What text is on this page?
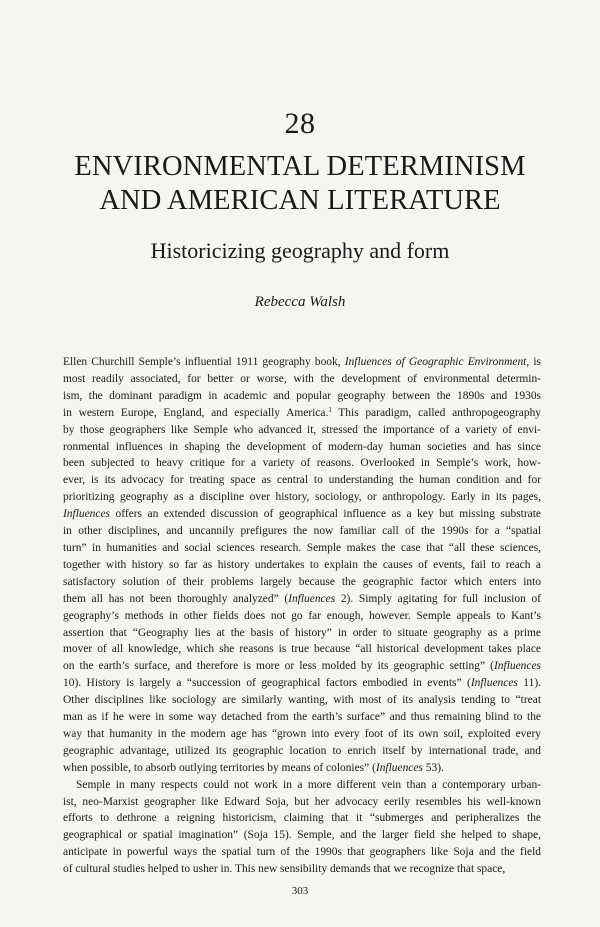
28
ENVIRONMENTAL DETERMINISM
AND AMERICAN LITERATURE
Historicizing geography and form
Rebecca Walsh

Ellen Churchill Semple’s influential 1911 geography book, Influences of Geographic Environment, is
most readily associated, for better or worse, with the development of environmental determin-
ism, the dominant paradigm in academic and popular geography between the 1890s and 1930s
in western Europe, England, and especially America.$^1$ This paradigm, called anthropogeography
by those geographers like Semple who advanced it, stressed the importance of a variety of envi-
ronmental influences in shaping the development of modern-day human societies and has since
been subjected to heavy critique for a variety of reasons. Overlooked in Semple’s work, how-
ever, is its advocacy for treating space as central to understanding the human condition and for
prioritizing geography as a discipline over history, sociology, or anthropology. Early in its pages,
Influences offers an extended discussion of geographical influence as a key but missing substrate
in other disciplines, and uncannily prefigures the now familiar call of the 1990s for a “spatial
turn” in humanities and social sciences research. Semple makes the case that “all these sciences,
together with history so far as history undertakes to explain the causes of events, fail to reach a
satisfactory solution of their problems largely because the geographic factor which enters into
them all has not been thoroughly analyzed” (Influences 2). Simply agitating for full inclusion of
geography’s methods in other fields does not go far enough, however. Semple appeals to Kant’s
assertion that “Geography lies at the basis of history” in order to situate geography as a prime
mover of all knowledge, which she reasons is true because “all historical development takes place
on the earth’s surface, and therefore is more or less molded by its geographic setting” (Influences
10). History is largely a “succession of geographical factors embodied in events” (Influences 11).
Other disciplines like sociology are similarly wanting, with most of its analysis tending to “treat
man as if he were in some way detached from the earth’s surface” and thus remaining blind to the
way that humanity in the modern age has “grown into every foot of its own soil, exploited every
geographic advantage, utilized its geographic location to enrich itself by international trade, and
when possible, to absorb outlying territories by means of colonies” (Influences 53).

Semple in many respects could not work in a more different vein than a contemporary urban-
ist, neo-Marxist geographer like Edward Soja, but her advocacy eerily resembles his well-known
efforts to dethrone a reigning historicism, claiming that it “submerges and peripheralizes the
geographical or spatial imagination” (Soja 15). Semple, and the larger field she helped to shape,
anticipate in powerful ways the spatial turn of the 1990s that geographers like Soja and the field
of cultural studies helped to usher in. This new sensibility demands that we recognize that space,

303
